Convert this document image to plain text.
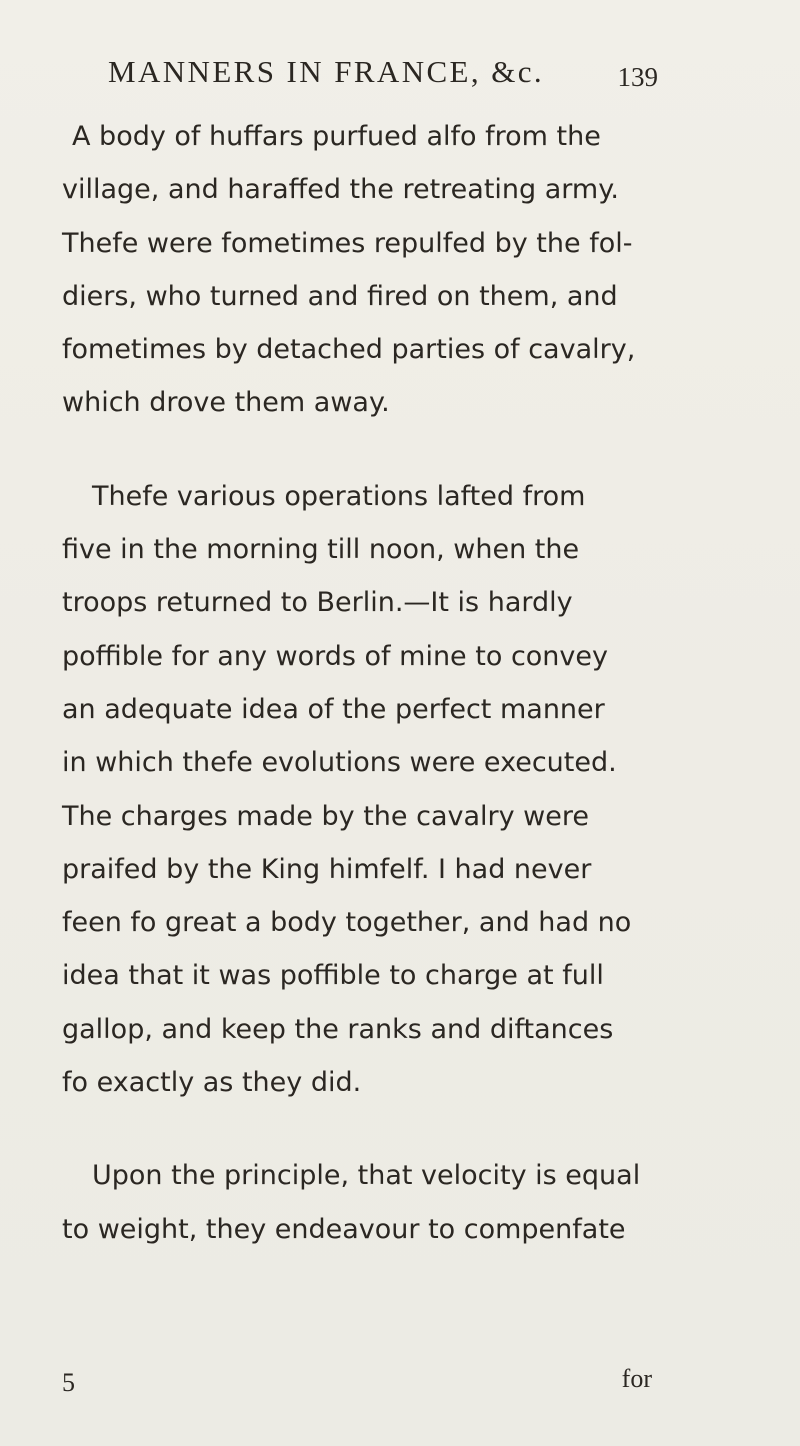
MANNERS IN FRANCE, &c.	139
A body of huffars purfued alfo from the
village, and haraffed the retreating army.
Thefe were fometimes repulfed by the fol-
diers, who turned and fired on them, and
fometimes by detached parties of cavalry,
which drove them away.
Thefe various operations lafted from
five in the morning till noon, when the
troops returned to Berlin.—It is hardly
poffible for any words of mine to convey
an adequate idea of the perfect manner
in which thefe evolutions were executed.
The charges made by the cavalry were
praifed by the King himfelf. I had never
feen fo great a body together, and had no
idea that it was poffible to charge at full
gallop, and keep the ranks and diftances
fo exactly as they did.
Upon the principle, that velocity is equal
to weight, they endeavour to compenfate
5	for
